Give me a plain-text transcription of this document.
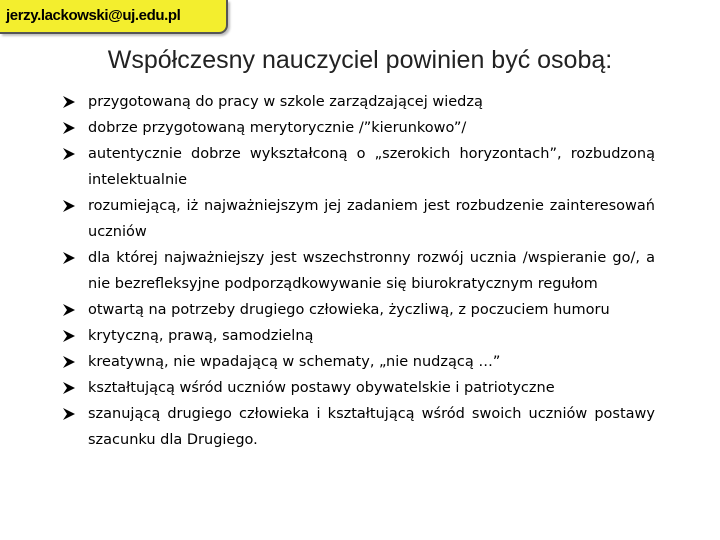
jerzy.lackowski@uj.edu.pl
Współczesny nauczyciel powinien być osobą:
przygotowaną do pracy w szkole zarządzającej wiedzą
dobrze przygotowaną merytorycznie /”kierunkowo”/
autentycznie dobrze wykształconą o „szerokich horyzontach”, rozbudzoną intelektualnie
rozumiejącą, iż najważniejszym jej zadaniem jest rozbudzenie zainteresowań uczniów
dla której najważniejszy jest wszechstronny rozwój ucznia /wspieranie go/, a nie bezrefleksyjne podporządkowywanie się biurokratycznym regułom
otwartą na potrzeby drugiego człowieka, życzliwą, z poczuciem humoru
krytyczną, prawą, samodzielną
kreatywną, nie wpadającą w schematy, „nie nudzącą …”
kształtującą wśród uczniów postawy obywatelskie i patriotyczne
szanującą drugiego człowieka i kształtującą wśród swoich uczniów postawy szacunku dla Drugiego.
